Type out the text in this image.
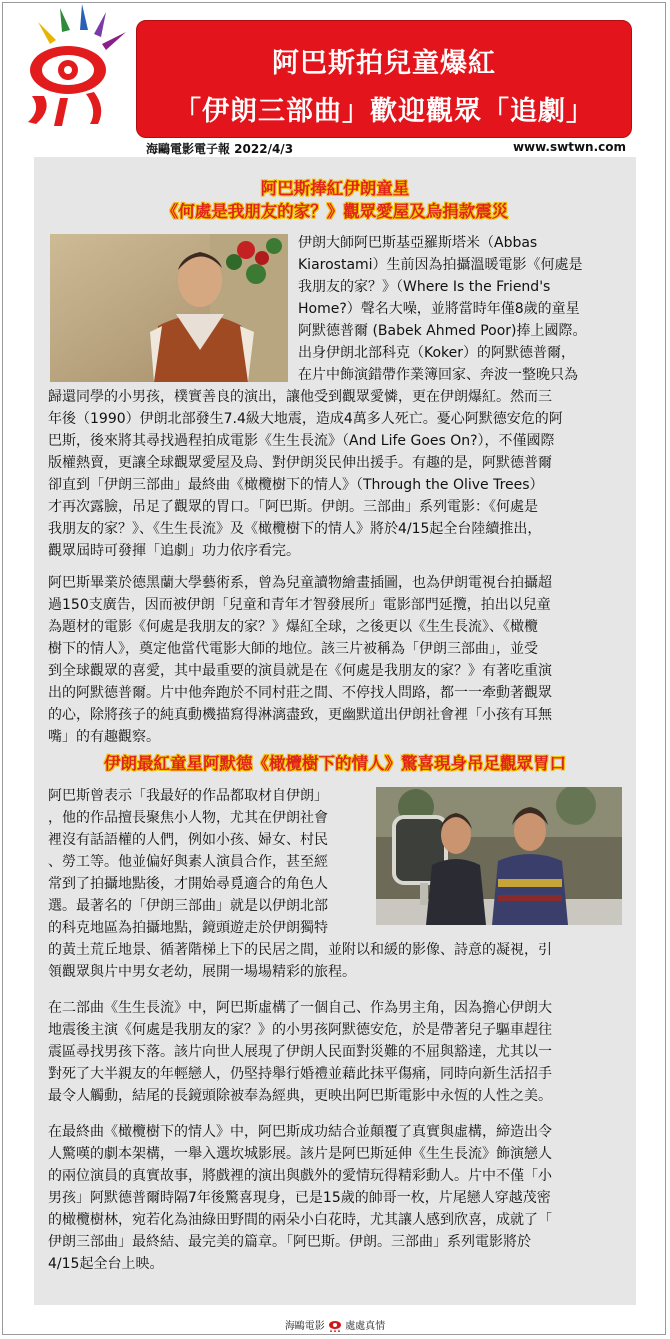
阿巴斯拍兒童爆紅
「伊朗三部曲」歡迎觀眾「追劇」
海鷗電影電子報 2022/4/3	www.swtwn.com
阿巴斯捧紅伊朗童星
《何處是我朋友的家？》觀眾愛屋及烏捐款震災
伊朗大師阿巴斯基亞羅斯塔米（Abbas
Kiarostami）生前因為拍攝溫暖電影《何處是
我朋友的家？》（Where Is the Friend's
Home?）聲名大噪，並將當時年僅8歲的童星
阿默德普爾 (Babek Ahmed Poor)捧上國際。
出身伊朗北部科克（Koker）的阿默德普爾，
在片中飾演錯帶作業簿回家、奔波一整晚只為
歸還同學的小男孩，樸實善良的演出，讓他受到觀眾愛憐，更在伊朗爆紅。然而三
年後（1990）伊朗北部發生7.4級大地震，造成4萬多人死亡。憂心阿默德安危的阿
巴斯，後來將其尋找過程拍成電影《生生長流》（And Life Goes On?），不僅國際
版權熱賣，更讓全球觀眾愛屋及烏、對伊朗災民伸出援手。有趣的是，阿默德普爾
卻直到「伊朗三部曲」最終曲《橄欖樹下的情人》（Through the Olive Trees）
才再次露臉，吊足了觀眾的胃口。「阿巴斯。伊朗。三部曲」系列電影：《何處是
我朋友的家？》、《生生長流》及《橄欖樹下的情人》將於4/15起全台陸續推出，
觀眾屆時可發揮「追劇」功力依序看完。
阿巴斯畢業於德黑蘭大學藝術系，曾為兒童讀物繪畫插圖，也為伊朗電視台拍攝超
過150支廣告，因而被伊朗「兒童和青年才智發展所」電影部門延攬，拍出以兒童
為題材的電影《何處是我朋友的家？》爆紅全球，之後更以《生生長流》、《橄欖
樹下的情人》，奠定他當代電影大師的地位。該三片被稱為「伊朗三部曲」，並受
到全球觀眾的喜愛，其中最重要的演員就是在《何處是我朋友的家？》有著吃重演
出的阿默德普爾。片中他奔跑於不同村莊之間、不停找人問路，都一一牽動著觀眾
的心，除將孩子的純真動機描寫得淋漓盡致，更幽默道出伊朗社會裡「小孩有耳無
嘴」的有趣觀察。
伊朗最紅童星阿默德《橄欖樹下的情人》驚喜現身吊足觀眾胃口
阿巴斯曾表示「我最好的作品都取材自伊朗」
，他的作品擅長聚焦小人物，尤其在伊朗社會
裡沒有話語權的人們，例如小孩、婦女、村民
、勞工等。他並偏好與素人演員合作，甚至經
常到了拍攝地點後，才開始尋覓適合的角色人
選。最著名的「伊朗三部曲」就是以伊朗北部
的科克地區為拍攝地點，鏡頭遊走於伊朗獨特
的黃土荒丘地景、循著階梯上下的民居之間，並附以和緩的影像、詩意的凝視，引
領觀眾與片中男女老幼，展開一場場精彩的旅程。
在二部曲《生生長流》中，阿巴斯虛構了一個自己、作為男主角，因為擔心伊朗大
地震後主演《何處是我朋友的家？》的小男孩阿默德安危，於是帶著兒子驅車趕往
震區尋找男孩下落。該片向世人展現了伊朗人民面對災難的不屈與豁達，尤其以一
對死了大半親友的年輕戀人，仍堅持舉行婚禮並藉此抹平傷痛，同時向新生活招手
最令人觸動，結尾的長鏡頭除被奉為經典，更映出阿巴斯電影中永恆的人性之美。
在最終曲《橄欖樹下的情人》中，阿巴斯成功結合並顛覆了真實與虛構，締造出令
人驚嘆的劇本架構，一舉入選坎城影展。該片是阿巴斯延伸《生生長流》飾演戀人
的兩位演員的真實故事，將戲裡的演出與戲外的愛情玩得精彩動人。片中不僅「小
男孩」阿默德普爾時隔7年後驚喜現身，已是15歲的帥哥一枚，片尾戀人穿越茂密
的橄欖樹林，宛若化為油綠田野間的兩朵小白花時，尤其讓人感到欣喜，成就了「
伊朗三部曲」最終結、最完美的篇章。「阿巴斯。伊朗。三部曲」系列電影將於
4/15起全台上映。
海鷗電影 處處真情
